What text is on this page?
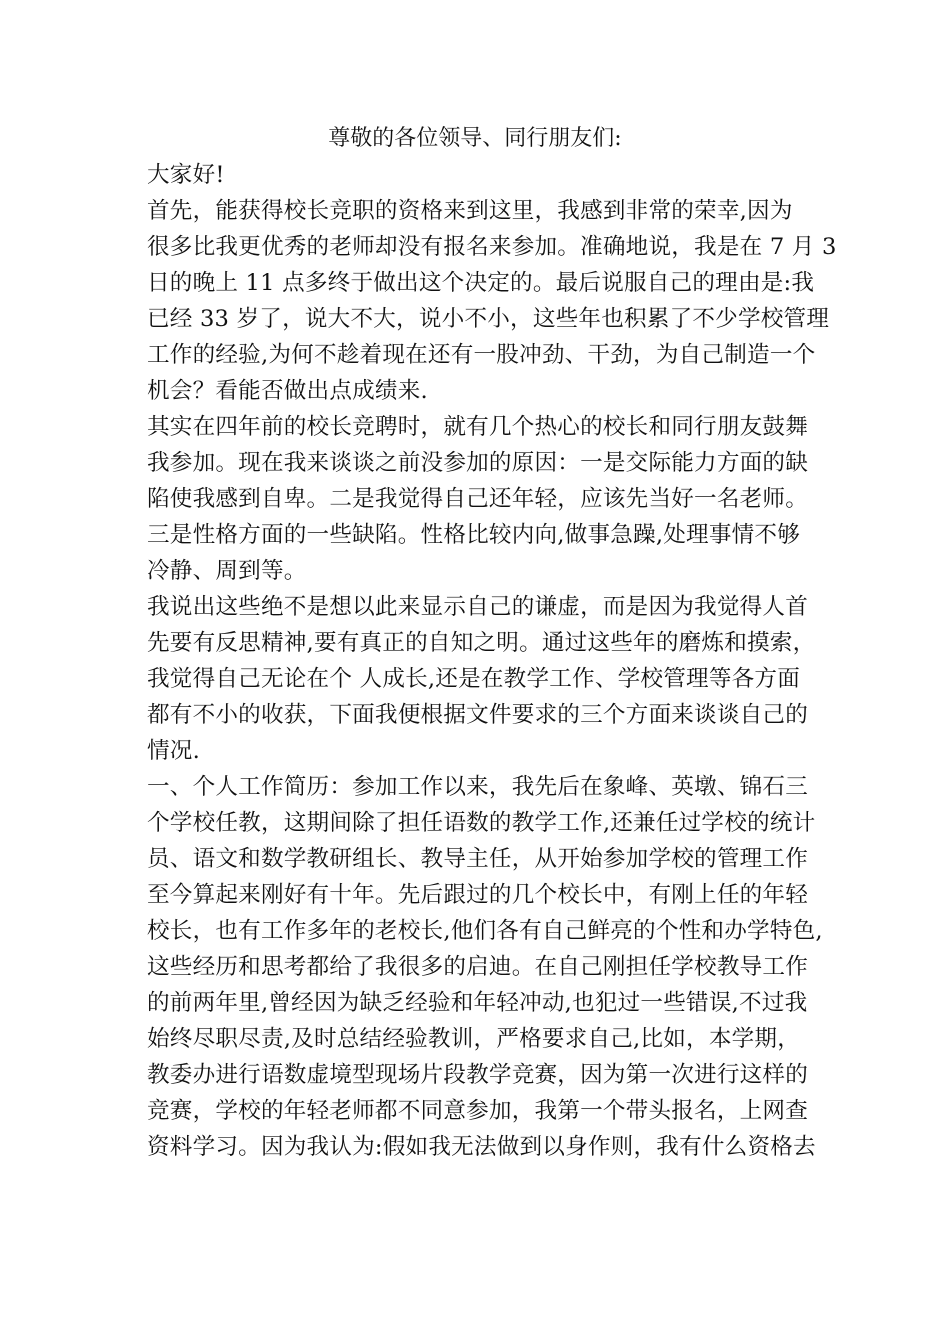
尊敬的各位领导、同行朋友们:
大家好!
首先，能获得校长竞职的资格来到这里，我感到非常的荣幸,因为
很多比我更优秀的老师却没有报名来参加。准确地说，我是在 7 月 3
日的晚上 11 点多终于做出这个决定的。最后说服自己的理由是:我
已经 33 岁了，说大不大，说小不小，这些年也积累了不少学校管理
工作的经验,为何不趁着现在还有一股冲劲、干劲，为自己制造一个
机会？看能否做出点成绩来.
其实在四年前的校长竞聘时，就有几个热心的校长和同行朋友鼓舞
我参加。现在我来谈谈之前没参加的原因：一是交际能力方面的缺
陷使我感到自卑。二是我觉得自己还年轻，应该先当好一名老师。
三是性格方面的一些缺陷。性格比较内向,做事急躁,处理事情不够
冷静、周到等。
我说出这些绝不是想以此来显示自己的谦虚，而是因为我觉得人首
先要有反思精神,要有真正的自知之明。通过这些年的磨炼和摸索，
我觉得自己无论在个 人成长,还是在教学工作、学校管理等各方面
都有不小的收获，下面我便根据文件要求的三个方面来谈谈自己的
情况.
一、个人工作简历：参加工作以来，我先后在象峰、英墩、锦石三
个学校任教，这期间除了担任语数的教学工作,还兼任过学校的统计
员、语文和数学教研组长、教导主任，从开始参加学校的管理工作
至今算起来刚好有十年。先后跟过的几个校长中，有刚上任的年轻
校长，也有工作多年的老校长,他们各有自己鲜亮的个性和办学特色,
这些经历和思考都给了我很多的启迪。在自己刚担任学校教导工作
的前两年里,曾经因为缺乏经验和年轻冲动,也犯过一些错误,不过我
始终尽职尽责,及时总结经验教训，严格要求自己,比如，本学期，
教委办进行语数虚境型现场片段教学竞赛，因为第一次进行这样的
竞赛，学校的年轻老师都不同意参加，我第一个带头报名，上网查
资料学习。因为我认为:假如我无法做到以身作则，我有什么资格去
